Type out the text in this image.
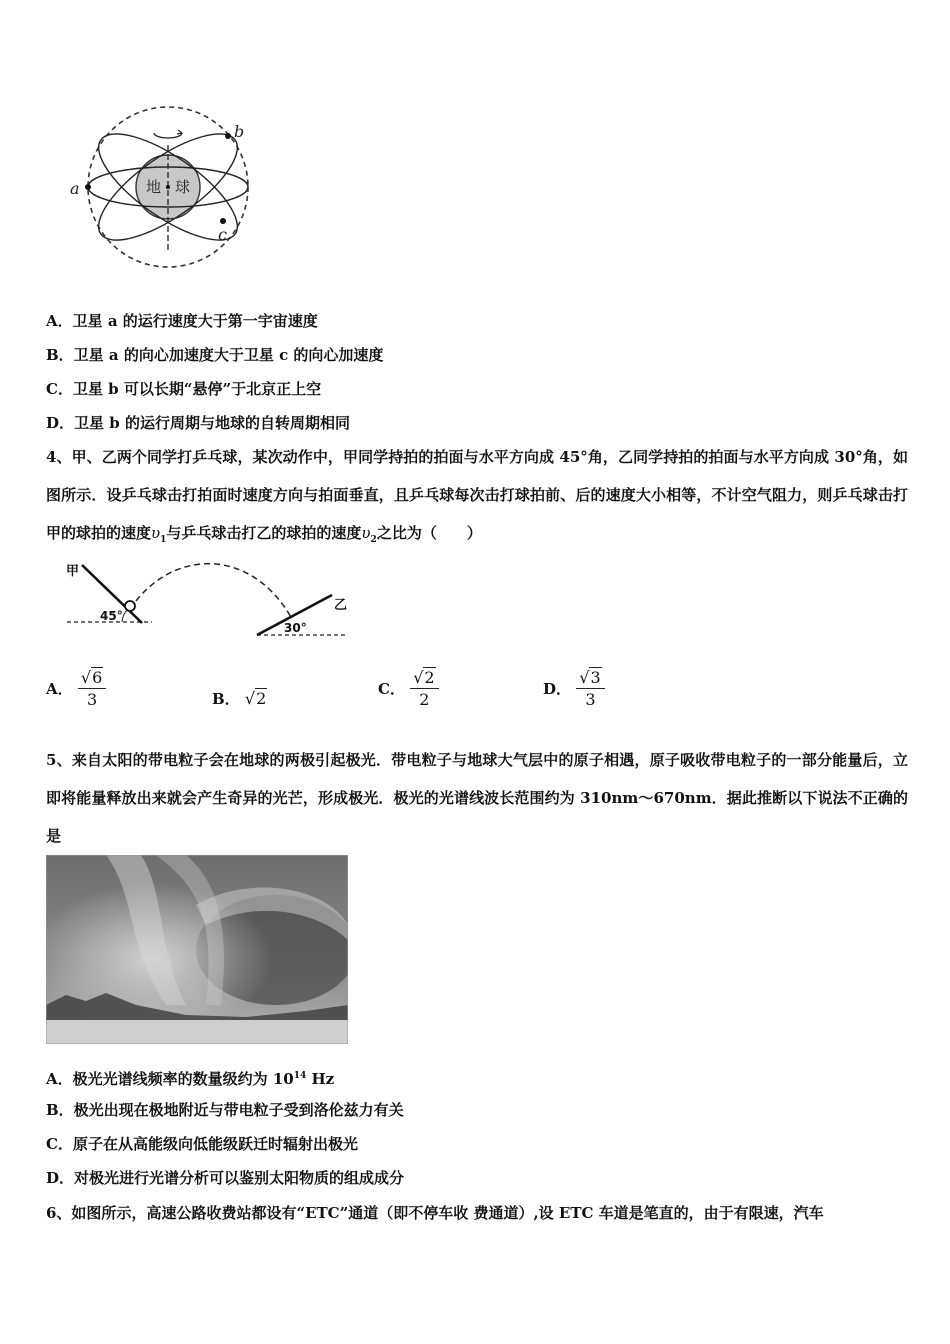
地 球
a
b
c
A．卫星 a 的运行速度大于第一宇宙速度
B．卫星 a 的向心加速度大于卫星 c 的向心加速度
C．卫星 b 可以长期“悬停”于北京正上空
D．卫星 b 的运行周期与地球的自转周期相同
4、甲、乙两个同学打乒乓球，某次动作中，甲同学持拍的拍面与水平方向成 45°角，乙同学持拍的拍面与水平方向成 30°角，如图所示．设乒乓球击打拍面时速度方向与拍面垂直，且乒乓球每次击打球拍前、后的速度大小相等，不计空气阻力，则乒乓球击打甲的球拍的速度$\upsilon_1$与乒乓球击打乙的球拍的速度$\upsilon_2$之比为（　　）
甲
乙
45°
30°
A． $\frac{√6}{3}$	B． √2	C． $\frac{√2}{2}$	D． $\frac{√3}{3}$
5、来自太阳的带电粒子会在地球的两极引起极光．带电粒子与地球大气层中的原子相遇，原子吸收带电粒子的一部分能量后，立即将能量释放出来就会产生奇异的光芒，形成极光．极光的光谱线波长范围约为 310nm～670nm．据此推断以下说法不正确的是
A．极光光谱线频率的数量级约为 $10^{14}$ Hz
B．极光出现在极地附近与带电粒子受到洛伦兹力有关
C．原子在从高能级向低能级跃迁时辐射出极光
D．对极光进行光谱分析可以鉴别太阳物质的组成成分
6、如图所示，高速公路收费站都设有“ETC”通道（即不停车收 费通道）,设 ETC 车道是笔直的，由于有限速，汽车
